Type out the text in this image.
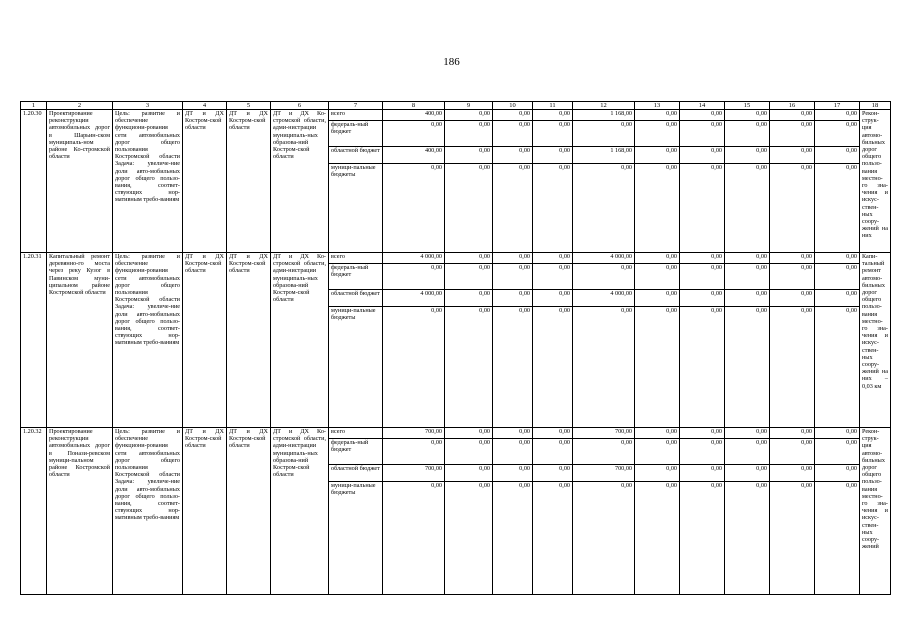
186
1	2	3	4	5	6	7	8	9	10	11	12	13	14	15	16	17	18
1.20.30	Проектирование реконструкции автомобильных дорог в Шарьин-ском муниципаль-ном районе Ко-стромской области	Цель: развитие и обеспечение функциони-рования сети автомобильных дорог общего пользования Костромской области Задача: увеличе-ние доли авто-мобильных дорог общего пользо-вания, соответ-ствующих нор-мативным требо-ваниям	ДТ и ДХ Костром-ской области	ДТ и ДХ Костром-ской области	ДТ и ДХ Ко-стромской области, адми-нистрации муниципаль-ных образова-ний Костром-ской области	всего	400,00	0,00	0,00	0,00	1 168,00	0,00	0,00	0,00	0,00	0,00	Рекон-струк-ция автомо-бильных дорог общего пользо-вания местно-го зна-чения и искус-ствен-ных соору-жений на них
						федераль-ный бюджет	0,00	0,00	0,00	0,00	0,00	0,00	0,00	0,00	0,00	0,00	
						областной бюджет	400,00	0,00	0,00	0,00	1 168,00	0,00	0,00	0,00	0,00	0,00	
						муници-пальные бюджеты	0,00	0,00	0,00	0,00	0,00	0,00	0,00	0,00	0,00	0,00	
1.20.31	Капитальный ремонт деревянно-го моста через реку Кузог в Павинском муни-ципальном районе Костромской области	Цель: развитие и обеспечение функциони-рования сети автомобильных дорог общего пользования Костромской области Задача: увеличе-ние доли авто-мобильных дорог общего пользо-вания, соответ-ствующих нор-мативным требо-ваниям	ДТ и ДХ Костром-ской области	ДТ и ДХ Костром-ской области	ДТ и ДХ Ко-стромской области, адми-нистрации муниципаль-ных образова-ний Костром-ской области	всего	4 000,00	0,00	0,00	0,00	4 000,00	0,00	0,00	0,00	0,00	0,00	Капи-тальный ремонт автомо-бильных дорог общего пользо-вания местно-го зна-чения и искус-ствен-ных соору-жений на них – 0,03 км
						федераль-ный бюджет	0,00	0,00	0,00	0,00	0,00	0,00	0,00	0,00	0,00	0,00	
						областной бюджет	4 000,00	0,00	0,00	0,00	4 000,00	0,00	0,00	0,00	0,00	0,00	
						муници-пальные бюджеты	0,00	0,00	0,00	0,00	0,00	0,00	0,00	0,00	0,00	0,00	
1.20.32	Проектирование реконструкции автомобильных дорог в Понази-ревском муници-пальном районе Костромской области	Цель: развитие и обеспечение функциони-рования сети автомобильных дорог общего пользования Костромской области Задача: увеличе-ние доли авто-мобильных дорог общего пользо-вания, соответ-ствующих нор-мативным требо-ваниям	ДТ и ДХ Костром-ской области	ДТ и ДХ Костром-ской области	ДТ и ДХ Ко-стромской области, адми-нистрации муниципаль-ных образова-ний Костром-ской области	всего	700,00	0,00	0,00	0,00	700,00	0,00	0,00	0,00	0,00	0,00	Рекон-струк-ция автомо-бильных дорог общего пользо-вания местно-го зна-чения и искус-ствен-ных соору-жений
						федераль-ный бюджет	0,00	0,00	0,00	0,00	0,00	0,00	0,00	0,00	0,00	0,00	
						областной бюджет	700,00	0,00	0,00	0,00	700,00	0,00	0,00	0,00	0,00	0,00	
						муници-пальные бюджеты	0,00	0,00	0,00	0,00	0,00	0,00	0,00	0,00	0,00	0,00	
